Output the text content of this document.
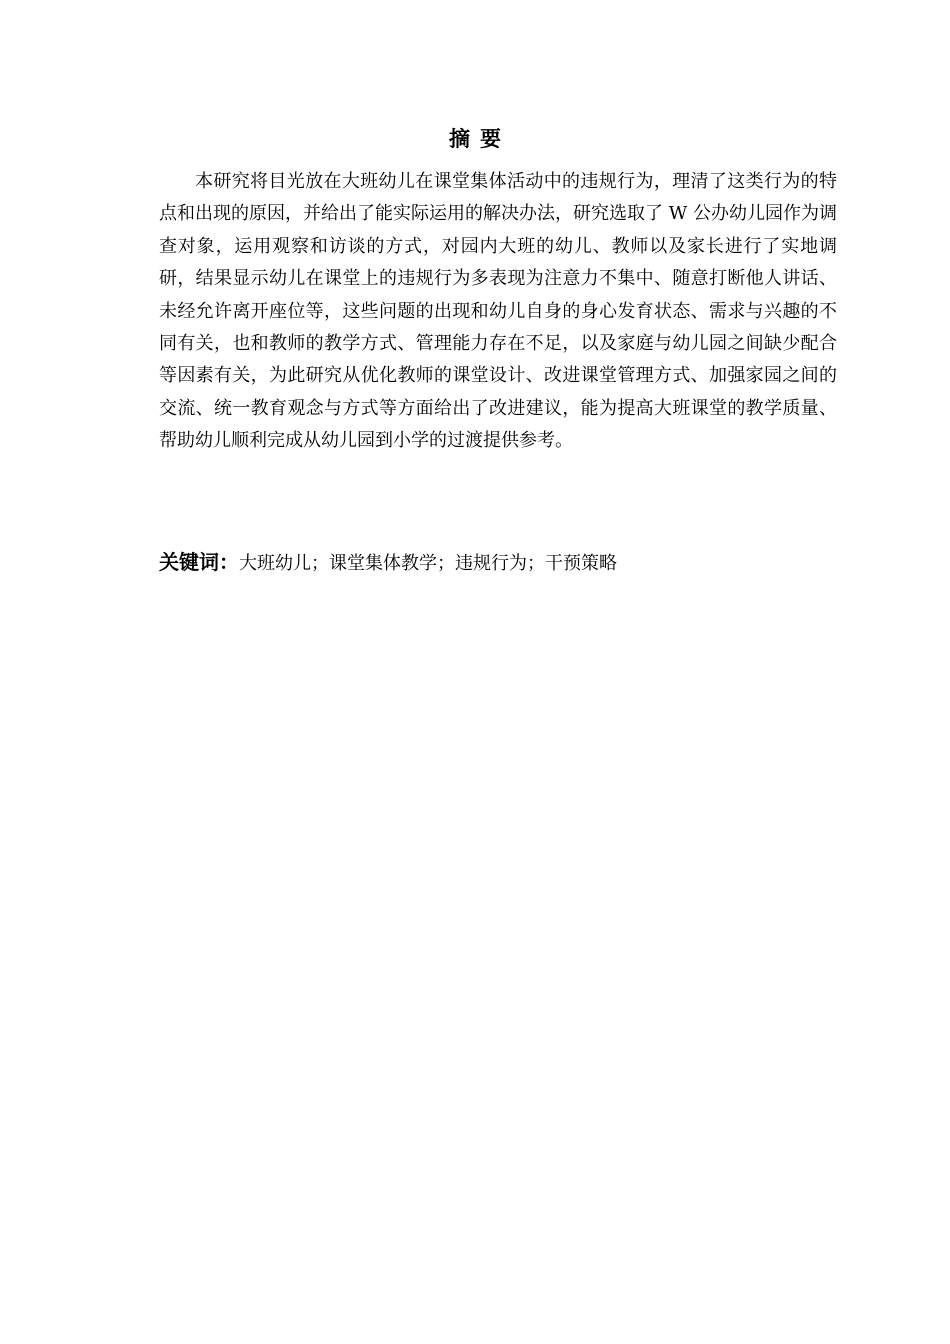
摘要

本研究将目光放在大班幼儿在课堂集体活动中的违规行为，理清了这类行为的特点和出现的原因，并给出了能实际运用的解决办法，研究选取了 W 公办幼儿园作为调查对象，运用观察和访谈的方式，对园内大班的幼儿、教师以及家长进行了实地调研，结果显示幼儿在课堂上的违规行为多表现为注意力不集中、随意打断他人讲话、未经允许离开座位等，这些问题的出现和幼儿自身的身心发育状态、需求与兴趣的不同有关，也和教师的教学方式、管理能力存在不足，以及家庭与幼儿园之间缺少配合等因素有关，为此研究从优化教师的课堂设计、改进课堂管理方式、加强家园之间的交流、统一教育观念与方式等方面给出了改进建议，能为提高大班课堂的教学质量、帮助幼儿顺利完成从幼儿园到小学的过渡提供参考。

关键词：大班幼儿；课堂集体教学；违规行为；干预策略
